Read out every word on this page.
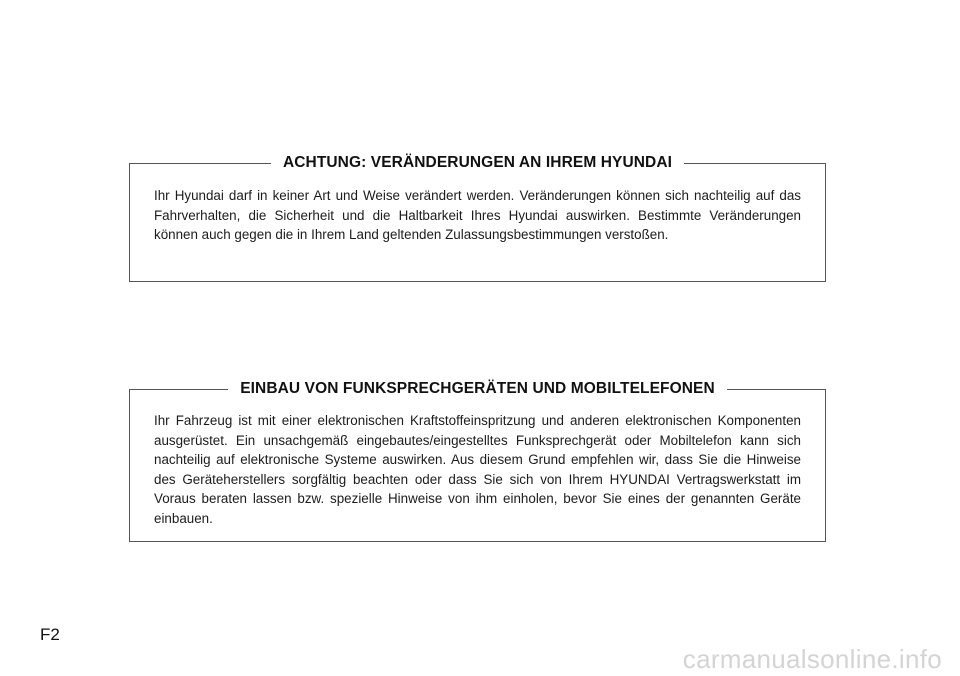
ACHTUNG: VERÄNDERUNGEN AN IHREM HYUNDAI

Ihr Hyundai darf in keiner Art und Weise verändert werden. Veränderungen können sich nachteilig auf das Fahrverhalten, die Sicherheit und die Haltbarkeit Ihres Hyundai auswirken. Bestimmte Veränderungen können auch gegen die in Ihrem Land geltenden Zulassungsbestimmungen verstoßen.

EINBAU VON FUNKSPRECHGERÄTEN UND MOBILTELEFONEN

Ihr Fahrzeug ist mit einer elektronischen Kraftstoffeinspritzung und anderen elektronischen Komponenten ausgerüstet. Ein unsachgemäß eingebautes/eingestelltes Funksprechgerät oder Mobiltelefon kann sich nachteilig auf elektronische Systeme auswirken. Aus diesem Grund empfehlen wir, dass Sie die Hinweise des Geräteherstellers sorgfältig beachten oder dass Sie sich von Ihrem HYUNDAI Vertragswerkstatt im Voraus beraten lassen bzw. spezielle Hinweise von ihm einholen, bevor Sie eines der genannten Geräte einbauen.

F2
carmanualsonline.info
